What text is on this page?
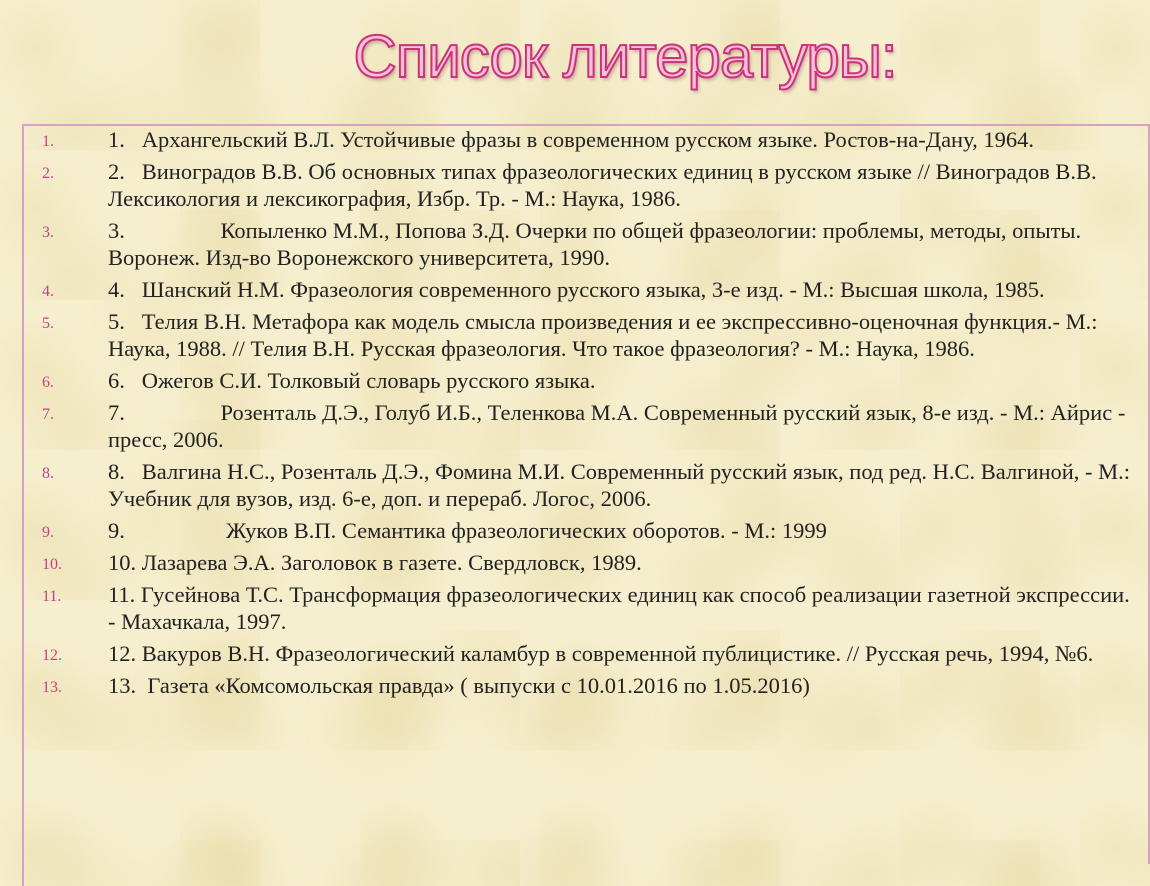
Список литературы:
1.	1.   Архангельский В.Л. Устойчивые фразы в современном русском языке. Ростов-на-Дану, 1964.
2.	2.   Виноградов В.В. Об основных типах фразеологических единиц в русском языке // Виноградов В.В. Лексикология и лексикография, Избр. Тр. - М.: Наука, 1986.
3.	3.                 Копыленко М.М., Попова З.Д. Очерки по общей фразеологии: проблемы, методы, опыты. Воронеж. Изд-во Воронежского университета, 1990.
4.	4.   Шанский Н.М. Фразеология современного русского языка, 3-е изд. - М.: Высшая школа, 1985.
5.	5.   Телия В.Н. Метафора как модель смысла произведения и ее экспрессивно-оценочная функция.- М.: Наука, 1988. // Телия В.Н. Русская фразеология. Что такое фразеология? - М.: Наука, 1986.
6.	6.   Ожегов С.И. Толковый словарь русского языка.
7.	7.                 Розенталь Д.Э., Голуб И.Б., Теленкова М.А. Современный русский язык, 8-е изд. - М.: Айрис - пресс, 2006.
8.	8.   Валгина Н.С., Розенталь Д.Э., Фомина М.И. Современный русский язык, под ред. Н.С. Валгиной, - М.: Учебник для вузов, изд. 6-е, доп. и перераб. Логос, 2006.
9.	9.                  Жуков В.П. Семантика фразеологических оборотов. - М.: 1999
10.	10. Лазарева Э.А. Заголовок в газете. Свердловск, 1989.
11.	11. Гусейнова Т.С. Трансформация фразеологических единиц как способ реализации газетной экспрессии. - Махачкала, 1997.
12.	12. Вакуров В.Н. Фразеологический каламбур в современной публицистике. // Русская речь, 1994, №6.
13.	13.  Газета «Комсомольская правда» ( выпуски с 10.01.2016 по 1.05.2016)
